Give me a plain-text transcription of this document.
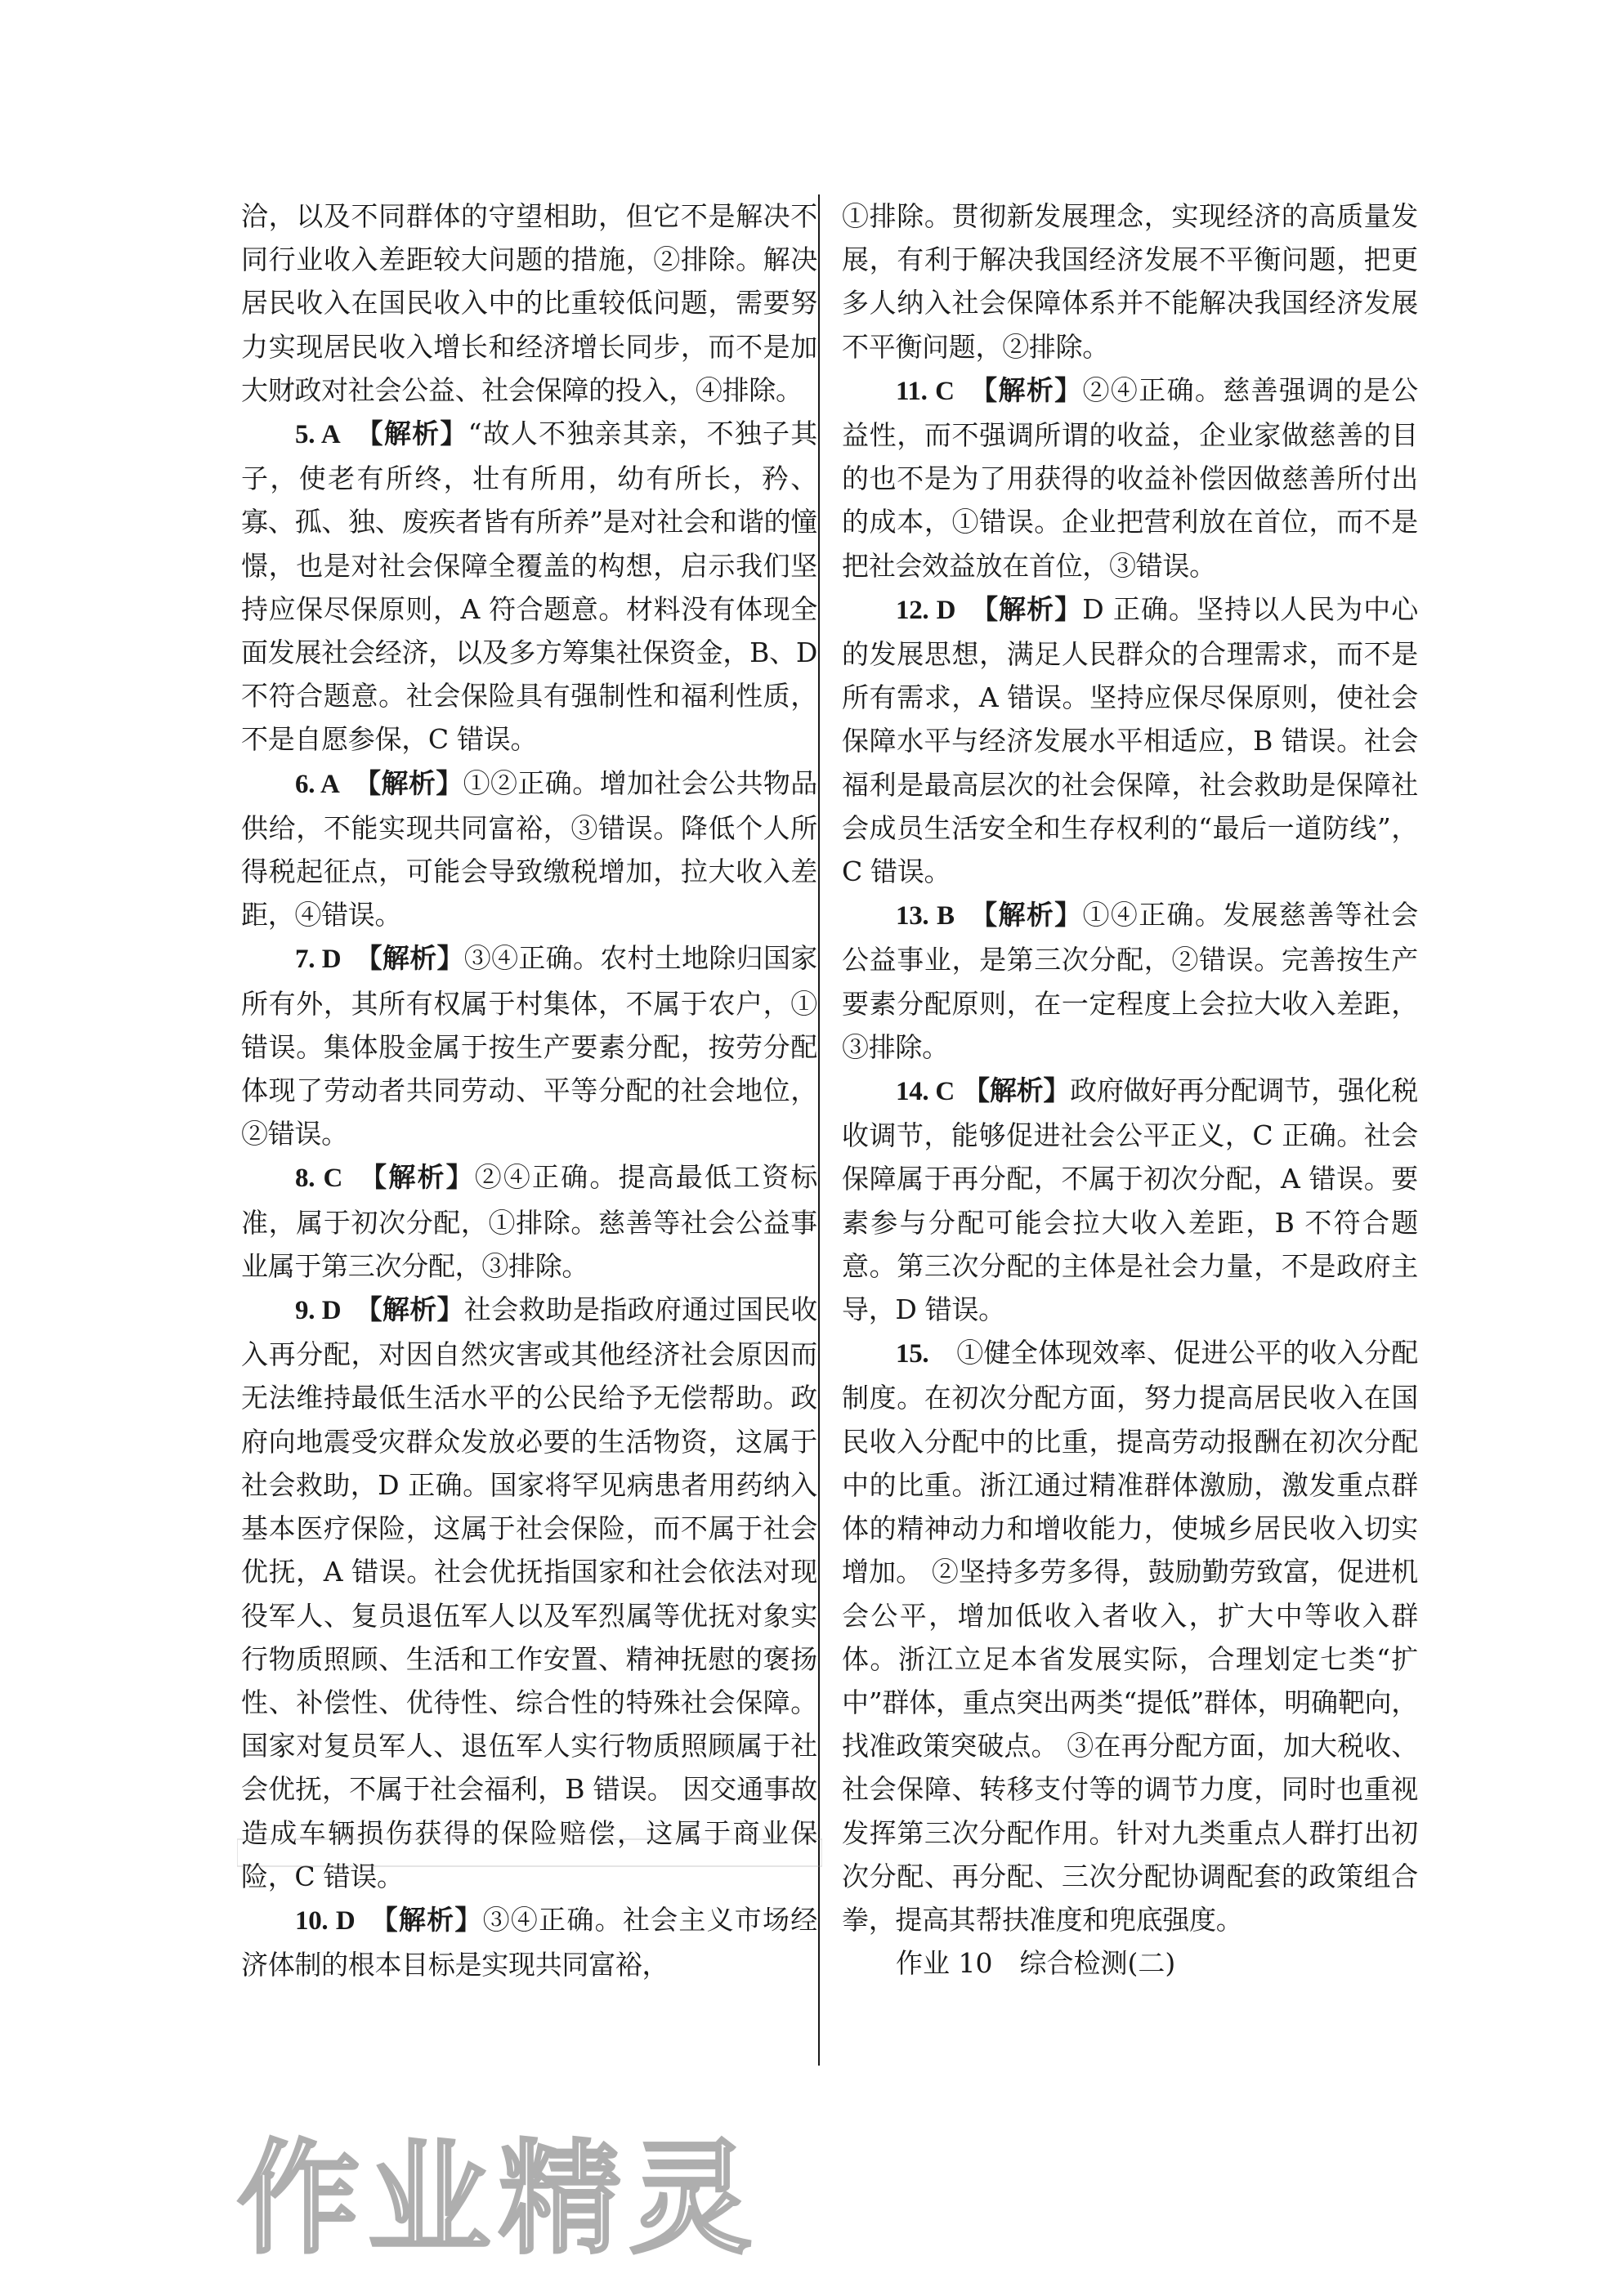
洽，以及不同群体的守望相助，但它不是解决不同行业收入差距较大问题的措施，②排除。解决居民收入在国民收入中的比重较低问题，需要努力实现居民收入增长和经济增长同步，而不是加大财政对社会公益、社会保障的投入，④排除。

5. A　 【解析】“故人不独亲其亲，不独子其子，使老有所终，壮有所用，幼有所长，矜、寡、孤、独、废疾者皆有所养”是对社会和谐的憧憬，也是对社会保障全覆盖的构想，启示我们坚持应保尽保原则，A 符合题意。材料没有体现全面发展社会经济，以及多方筹集社保资金，B、D 不符合题意。社会保险具有强制性和福利性质，不是自愿参保，C 错误。

6. A　 【解析】①②正确。增加社会公共物品供给，不能实现共同富裕，③错误。降低个人所得税起征点，可能会导致缴税增加，拉大收入差距，④错误。

7. D　 【解析】③④正确。农村土地除归国家所有外，其所有权属于村集体，不属于农户，①错误。集体股金属于按生产要素分配，按劳分配体现了劳动者共同劳动、平等分配的社会地位，②错误。

8. C　 【解析】②④正确。提高最低工资标准，属于初次分配，①排除。慈善等社会公益事业属于第三次分配，③排除。

9. D　 【解析】社会救助是指政府通过国民收入再分配，对因自然灾害或其他经济社会原因而无法维持最低生活水平的公民给予无偿帮助。政府向地震受灾群众发放必要的生活物资，这属于社会救助，D 正确。国家将罕见病患者用药纳入基本医疗保险，这属于社会保险，而不属于社会优抚，A 错误。社会优抚指国家和社会依法对现役军人、复员退伍军人以及军烈属等优抚对象实行物质照顾、生活和工作安置、精神抚慰的褒扬性、补偿性、优待性、综合性的特殊社会保障。国家对复员军人、退伍军人实行物质照顾属于社会优抚，不属于社会福利，B 错误。 因交通事故造成车辆损伤获得的保险赔偿，这属于商业保险，C 错误。

10. D　 【解析】③④正确。社会主义市场经济体制的根本目标是实现共同富裕，

①排除。贯彻新发展理念，实现经济的高质量发展，有利于解决我国经济发展不平衡问题，把更多人纳入社会保障体系并不能解决我国经济发展不平衡问题，②排除。

11. C　 【解析】②④正确。慈善强调的是公益性，而不强调所谓的收益，企业家做慈善的目的也不是为了用获得的收益补偿因做慈善所付出的成本，①错误。企业把营利放在首位，而不是把社会效益放在首位，③错误。

12. D　 【解析】D 正确。坚持以人民为中心的发展思想，满足人民群众的合理需求，而不是所有需求，A 错误。坚持应保尽保原则，使社会保障水平与经济发展水平相适应，B 错误。社会福利是最高层次的社会保障，社会救助是保障社会成员生活安全和生存权利的“最后一道防线”，C 错误。

13. B　 【解析】①④正确。发展慈善等社会公益事业，是第三次分配，②错误。完善按生产要素分配原则，在一定程度上会拉大收入差距，③排除。

14. C 【解析】政府做好再分配调节，强化税收调节，能够促进社会公平正义，C 正确。社会保障属于再分配，不属于初次分配，A 错误。要素参与分配可能会拉大收入差距，B 不符合题意。第三次分配的主体是社会力量，不是政府主导，D 错误。

15.　 ①健全体现效率、促进公平的收入分配制度。在初次分配方面，努力提高居民收入在国民收入分配中的比重，提高劳动报酬在初次分配中的比重。浙江通过精准群体激励，激发重点群体的精神动力和增收能力，使城乡居民收入切实增加。 ②坚持多劳多得，鼓励勤劳致富，促进机会公平，增加低收入者收入，扩大中等收入群体。浙江立足本省发展实际，合理划定七类“扩中”群体，重点突出两类“提低”群体，明确靶向，找准政策突破点。 ③在再分配方面，加大税收、社会保障、转移支付等的调节力度，同时也重视发挥第三次分配作用。针对九类重点人群打出初次分配、再分配、三次分配协调配套的政策组合拳，提高其帮扶准度和兜底强度。

作业 10　综合检测(二)

作业精灵
